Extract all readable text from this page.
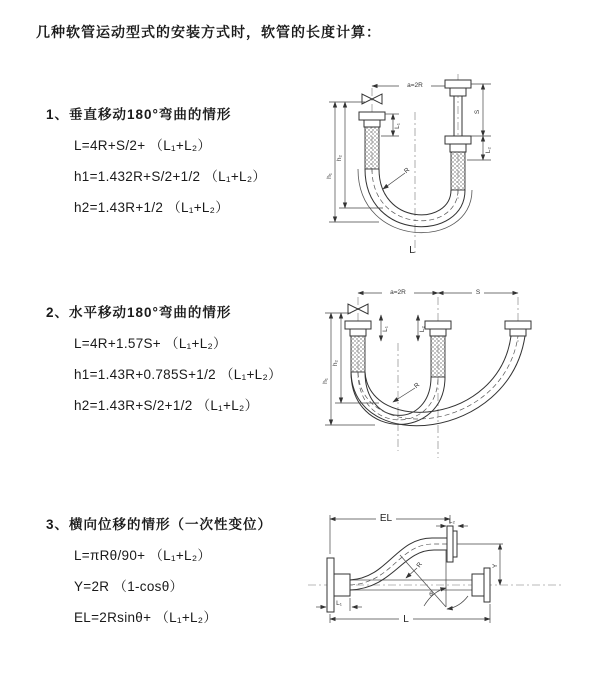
几种软管运动型式的安装方式时，软管的长度计算：
1、垂直移动180°弯曲的情形
L=4R+S/2+ （L₁+L₂）
h1=1.432R+S/2+1/2 （L₁+L₂）
h2=1.43R+1/2 （L₁+L₂）
a=2R
h₁
h₂
L₁
S
L₂
R
L
2、水平移动180°弯曲的情形
L=4R+1.57S+ （L₁+L₂）
h1=1.43R+0.785S+1/2 （L₁+L₂）
h2=1.43R+S/2+1/2 （L₁+L₂）
a=2R	S
h₁
h₂
L₁	L₂
R
3、横向位移的情形（一次性变位）
L=πRθ/90+ （L₁+L₂）
Y=2R （1-cosθ）
EL=2Rsinθ+ （L₁+L₂）
θ
R
EL	L₂
Y
L
L₁
